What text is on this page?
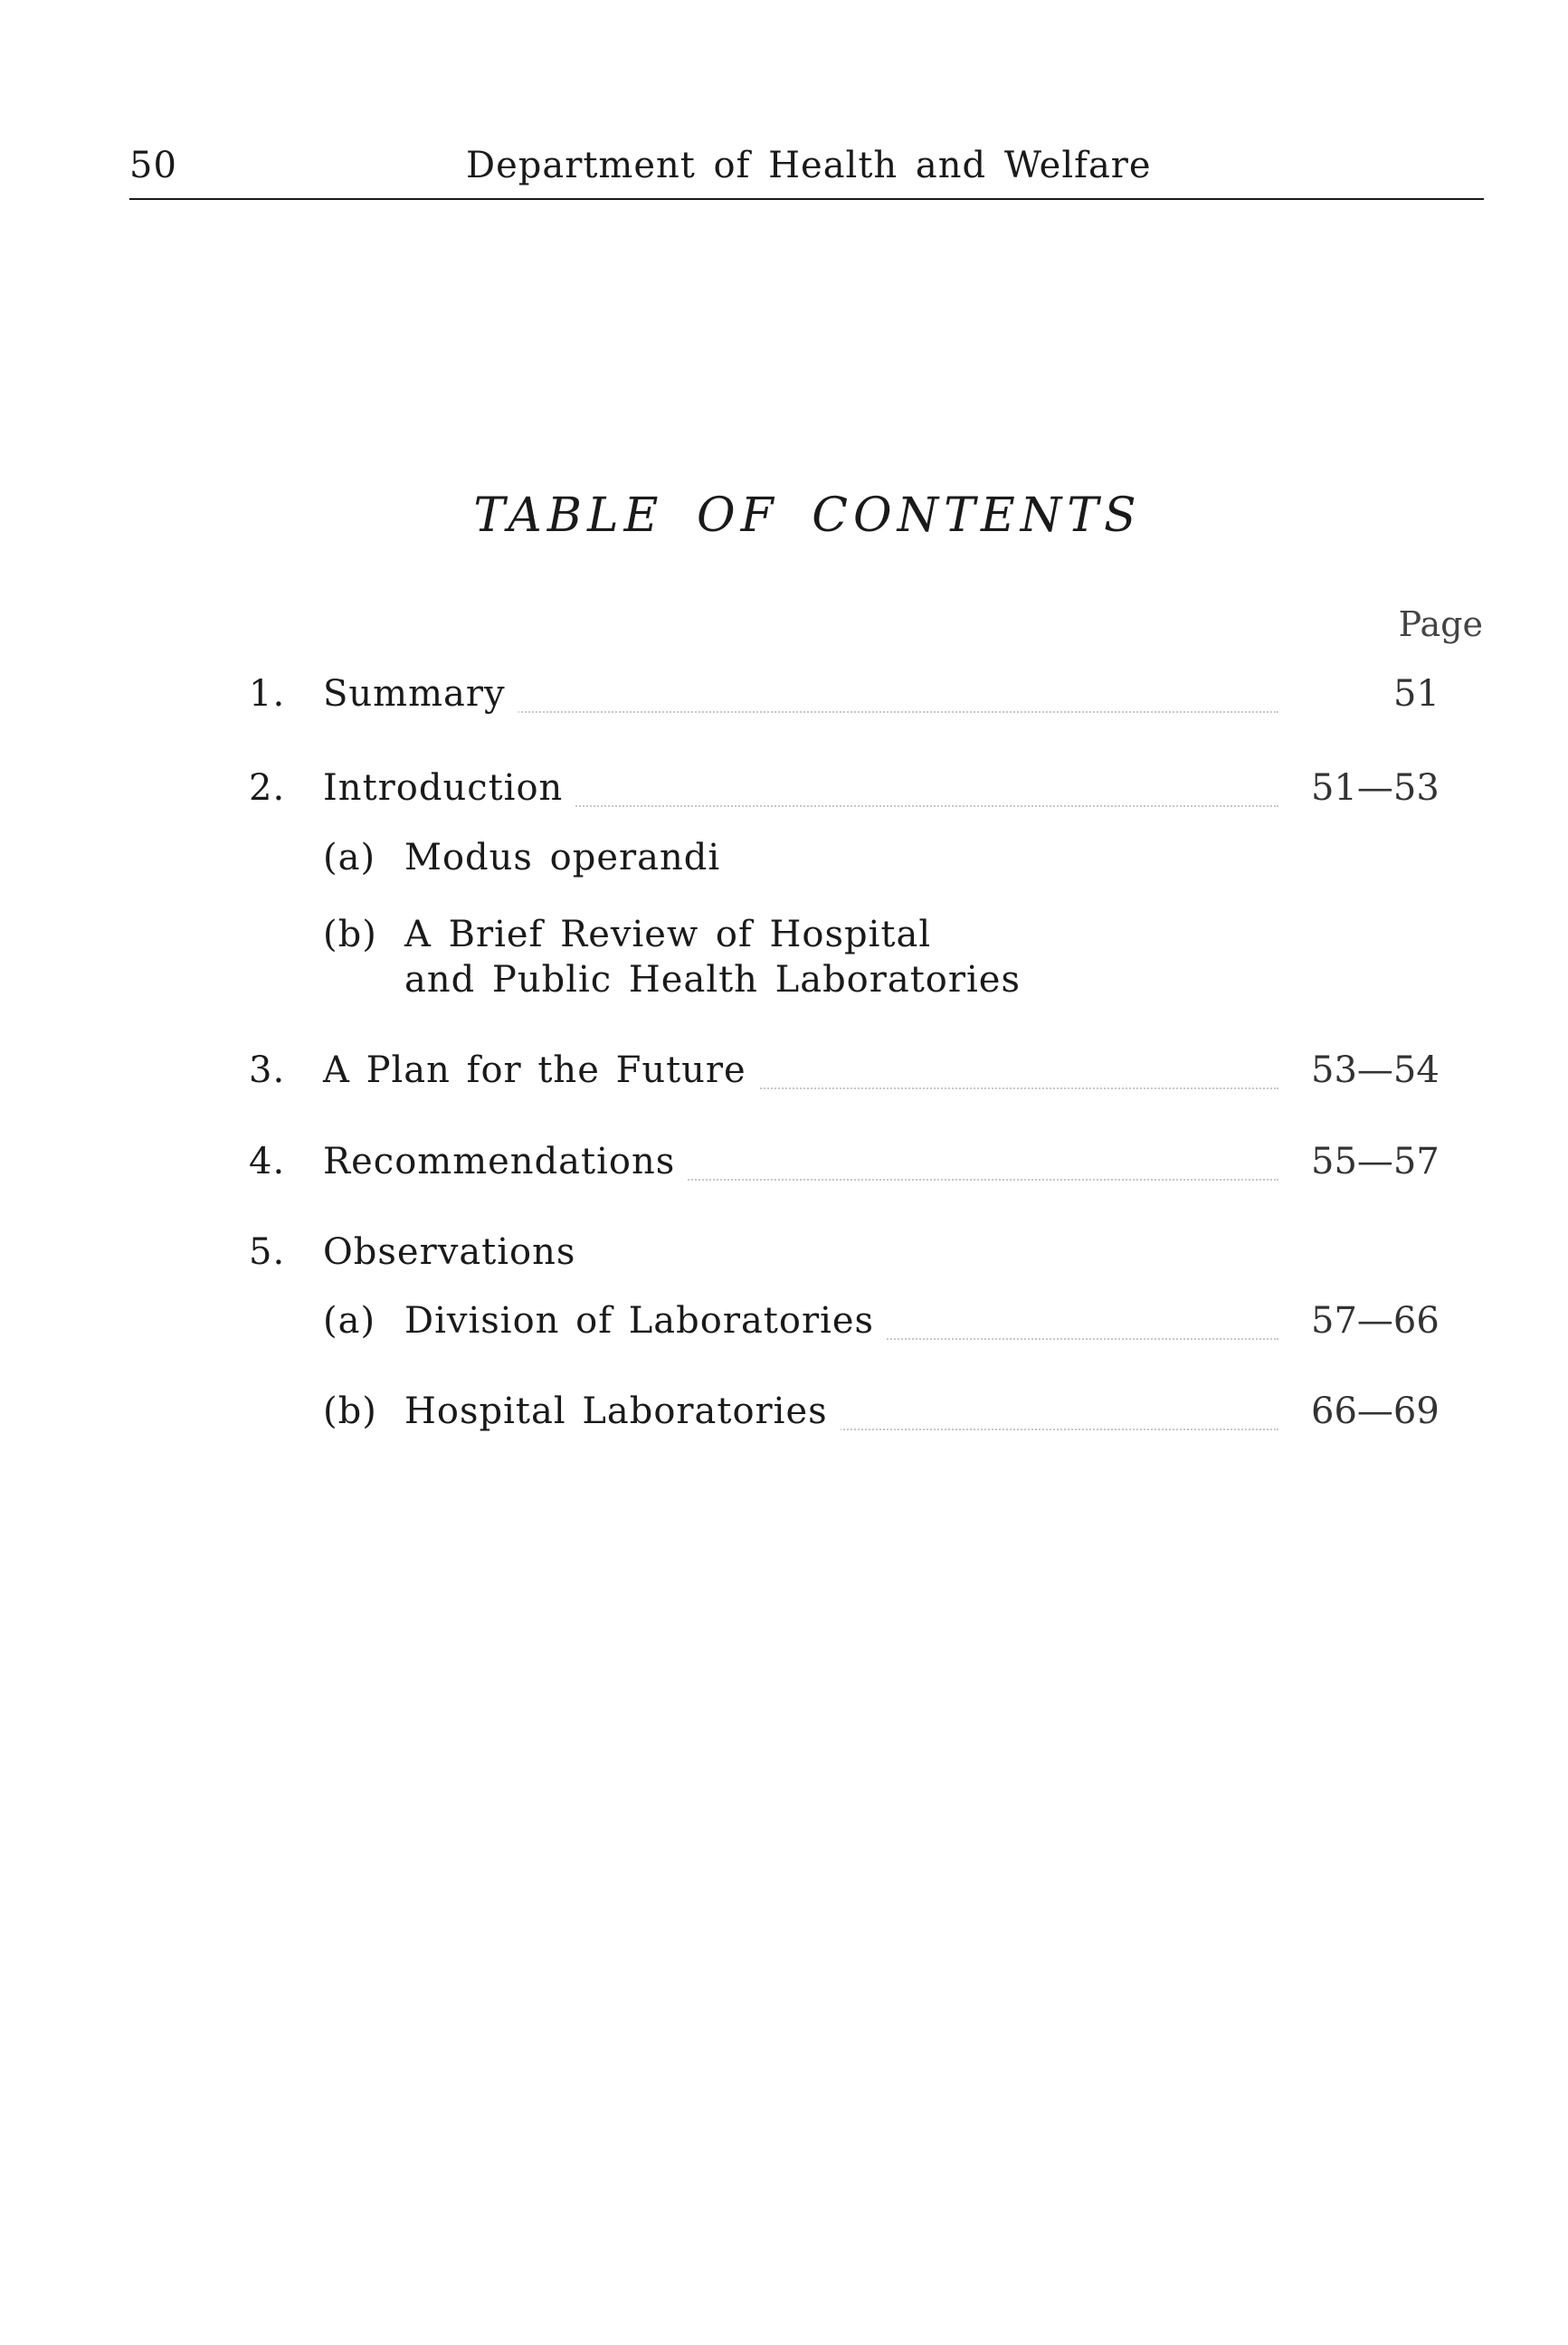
50	Department of Health and Welfare
TABLE OF CONTENTS
Page
1. Summary	51
2. Introduction	51—53
(a) Modus operandi
(b) A Brief Review of Hospital
and Public Health Laboratories
3. A Plan for the Future	53—54
4. Recommendations	55—57
5. Observations
(a) Division of Laboratories	57—66
(b) Hospital Laboratories	66—69
